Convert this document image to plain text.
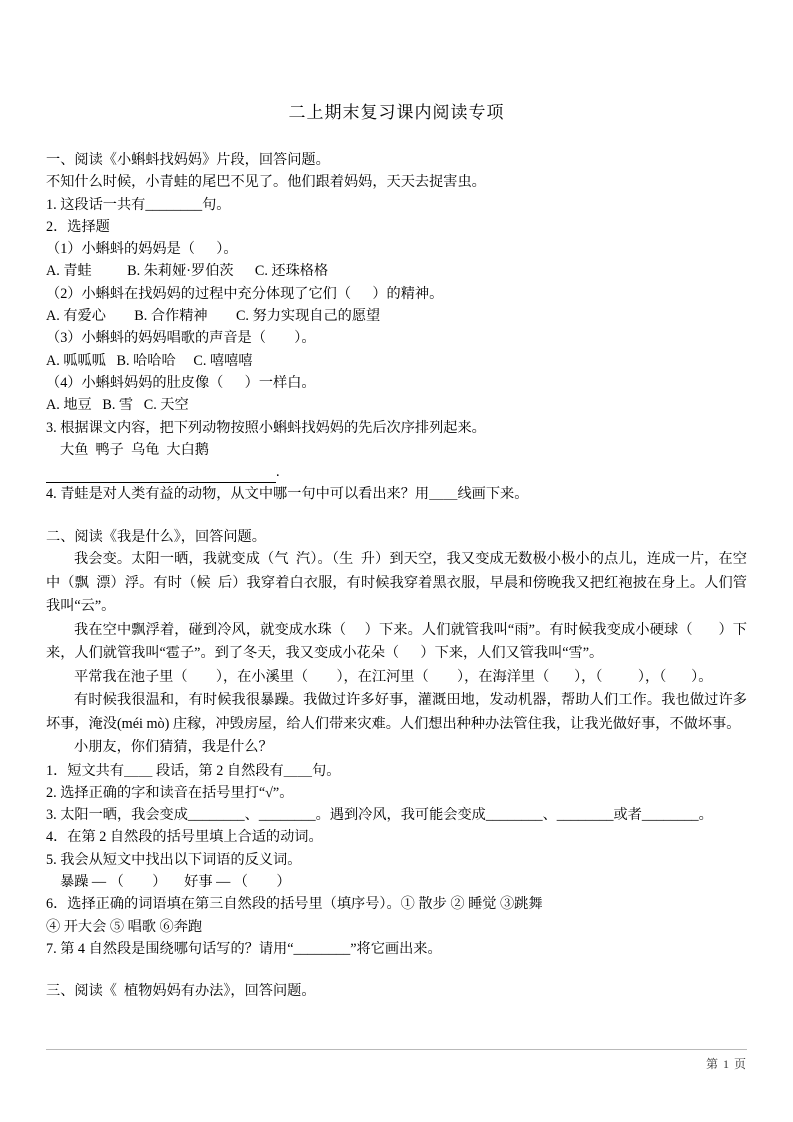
二上期末复习课内阅读专项

一、阅读《小蝌蚪找妈妈》片段，回答问题。

不知什么时候，小青蛙的尾巴不见了。他们跟着妈妈，天天去捉害虫。

1. 这段话一共有________句。

2．选择题

（1）小蝌蚪的妈妈是（      ）。

A. 青蛙          B. 朱莉娅·罗伯茨      C. 还珠格格

（2）小蝌蚪在找妈妈的过程中充分体现了它们（      ）的精神。

A. 有爱心        B. 合作精神        C. 努力实现自己的愿望

（3）小蝌蚪的妈妈唱歌的声音是（        ）。

A. 呱呱呱   B. 哈哈哈     C. 嘻嘻嘻

（4）小蝌蚪妈妈的肚皮像（      ）一样白。

A. 地豆   B. 雪   C. 天空

3. 根据课文内容，把下列动物按照小蝌蚪找妈妈的先后次序排列起来。

大鱼  鸭子  乌龟  大白鹅

.

4. 青蛙是对人类有益的动物，从文中哪一句中可以看出来？用＿＿线画下来。

二、阅读《我是什么》，回答问题。

我会变。太阳一晒，我就变成（气  汽）。（生  升）到天空，我又变成无数极小极小的点儿，连成一片，在空中（飘  漂）浮。有时（候  后）我穿着白衣服，有时候我穿着黑衣服，早晨和傍晚我又把红袍披在身上。人们管我叫“云”。

我在空中飘浮着，碰到冷风，就变成水珠（     ）下来。人们就管我叫“雨”。有时候我变成小硬球（       ）下来，人们就管我叫“雹子”。到了冬天，我又变成小花朵（      ）下来，人们又管我叫“雪”。

平常我在池子里（        ），在小溪里（        ），在江河里（        ），在海洋里（       ），（          ），（       ）。

有时候我很温和，有时候我很暴躁。我做过许多好事，灌溉田地，发动机器，帮助人们工作。我也做过许多坏事，淹没(méi mò) 庄稼，冲毁房屋，给人们带来灾难。人们想出种种办法管住我，让我光做好事，不做坏事。

小朋友，你们猜猜，我是什么？

1．短文共有＿＿ 段话，第 2 自然段有＿＿句。

2. 选择正确的字和读音在括号里打“√”。

3. 太阳一晒，我会变成________、________。遇到冷风，我可能会变成________、________或者________。

4．在第 2 自然段的括号里填上合适的动词。

5. 我会从短文中找出以下词语的反义词。

暴躁 — （        ）     好事 — （        ）

6．选择正确的词语填在第三自然段的括号里（填序号）。① 散步 ② 睡觉 ③跳舞

④ 开大会 ⑤ 唱歌 ⑥奔跑

7. 第 4 自然段是围绕哪句话写的？请用“________”将它画出来。

三、阅读《  植物妈妈有办法》，回答问题。

第 1 页
